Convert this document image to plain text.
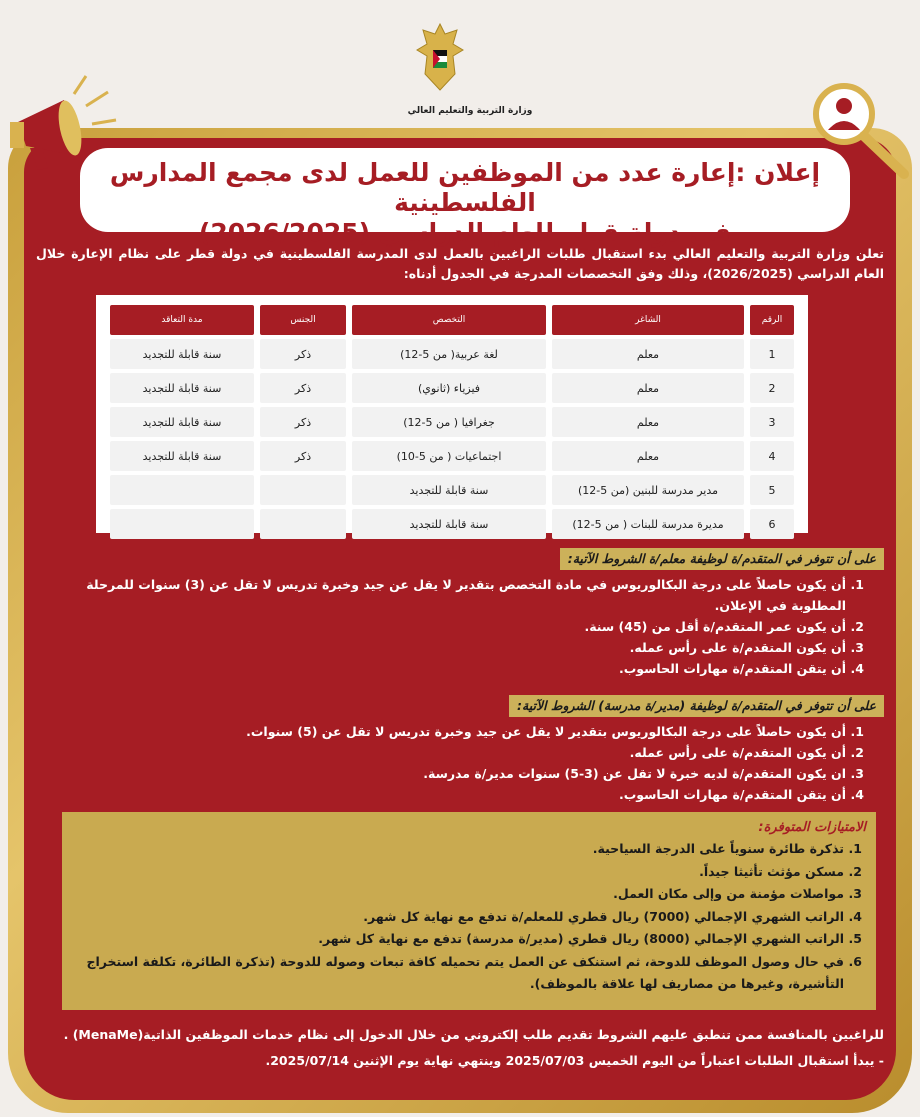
وزارة التربية والتعليم العالي
إعلان :إعارة عدد من الموظفين للعمل لدى مجمع المدارس الفلسطينية
في دولة قطر للعام الدراسي (2026/2025)
تعلن وزارة التربية والتعليم العالي بدء استقبال طلبات الراغبين بالعمل لدى المدرسة الفلسطينية في دولة قطر على نظام الإعارة خلال العام الدراسي (2026/2025)، وذلك وفق التخصصات المدرجة في الجدول أدناه:
الرقم	الشاغر	التخصص	الجنس	مدة التعاقد
1	معلم	لغة عربية( من 5-12)	ذكر	سنة قابلة للتجديد
2	معلم	فيزياء (ثانوي)	ذكر	سنة قابلة للتجديد
3	معلم	جغرافيا ( من 5-12)	ذكر	سنة قابلة للتجديد
4	معلم	اجتماعيات ( من 5-10)	ذكر	سنة قابلة للتجديد
5	مدير مدرسة للبنين (من 5-12)	سنة قابلة للتجديد		
6	مديرة مدرسة للبنات ( من 5-12)	سنة قابلة للتجديد		
على أن تتوفر في المتقدم/ة لوظيفة معلم/ة الشروط الآتية:
1.
أن يكون حاصلاً على درجة البكالوريوس في مادة التخصص بتقدير لا يقل عن جيد وخبرة تدريس لا تقل عن (3) سنوات للمرحلة المطلوبة في الإعلان.
2.
أن يكون عمر المتقدم/ة أقل من (45) سنة.
3.
أن يكون المتقدم/ة على رأس عمله.
4.
أن يتقن المتقدم/ة مهارات الحاسوب.
على أن تتوفر في المتقدم/ة لوظيفة (مدير/ة مدرسة) الشروط الآتية:
1.
أن يكون حاصلاً على درجة البكالوريوس بتقدير لا يقل عن جيد وخبرة تدريس لا تقل عن (5) سنوات.
2.
أن يكون المتقدم/ة على رأس عمله.
3.
ان يكون المتقدم/ة لديه خبرة لا تقل عن (3-5) سنوات مدير/ة مدرسة.
4.
أن يتقن المتقدم/ة مهارات الحاسوب.
الامتيازات المتوفرة:
1.
تذكرة طائرة سنوياً على الدرجة السياحية.
2.
مسكن مؤثث تأثيثا جيداً.
3.
مواصلات مؤمنة من وإلى مكان العمل.
4.
الراتب الشهري الإجمالي (7000) ريال قطري للمعلم/ة تدفع مع نهاية كل شهر.
5.
الراتب الشهري الإجمالي (8000) ريال قطري (مدير/ة مدرسة) تدفع مع نهاية كل شهر.
6.
في حال وصول الموظف للدوحة، ثم استنكف عن العمل يتم تحميله كافة تبعات وصوله للدوحة (تذكرة الطائرة، تكلفة استخراج التأشيرة، وغيرها من مصاريف لها علاقة بالموظف).
للراغبين بالمنافسة ممن تنطبق عليهم الشروط تقديم طلب إلكتروني من خلال الدخول إلى نظام خدمات الموظفين الذاتية(MenaMe) .
- يبدأ استقبال الطلبات اعتباراً من اليوم الخميس 2025/07/03 وينتهي نهاية يوم الإثنين 2025/07/14.
